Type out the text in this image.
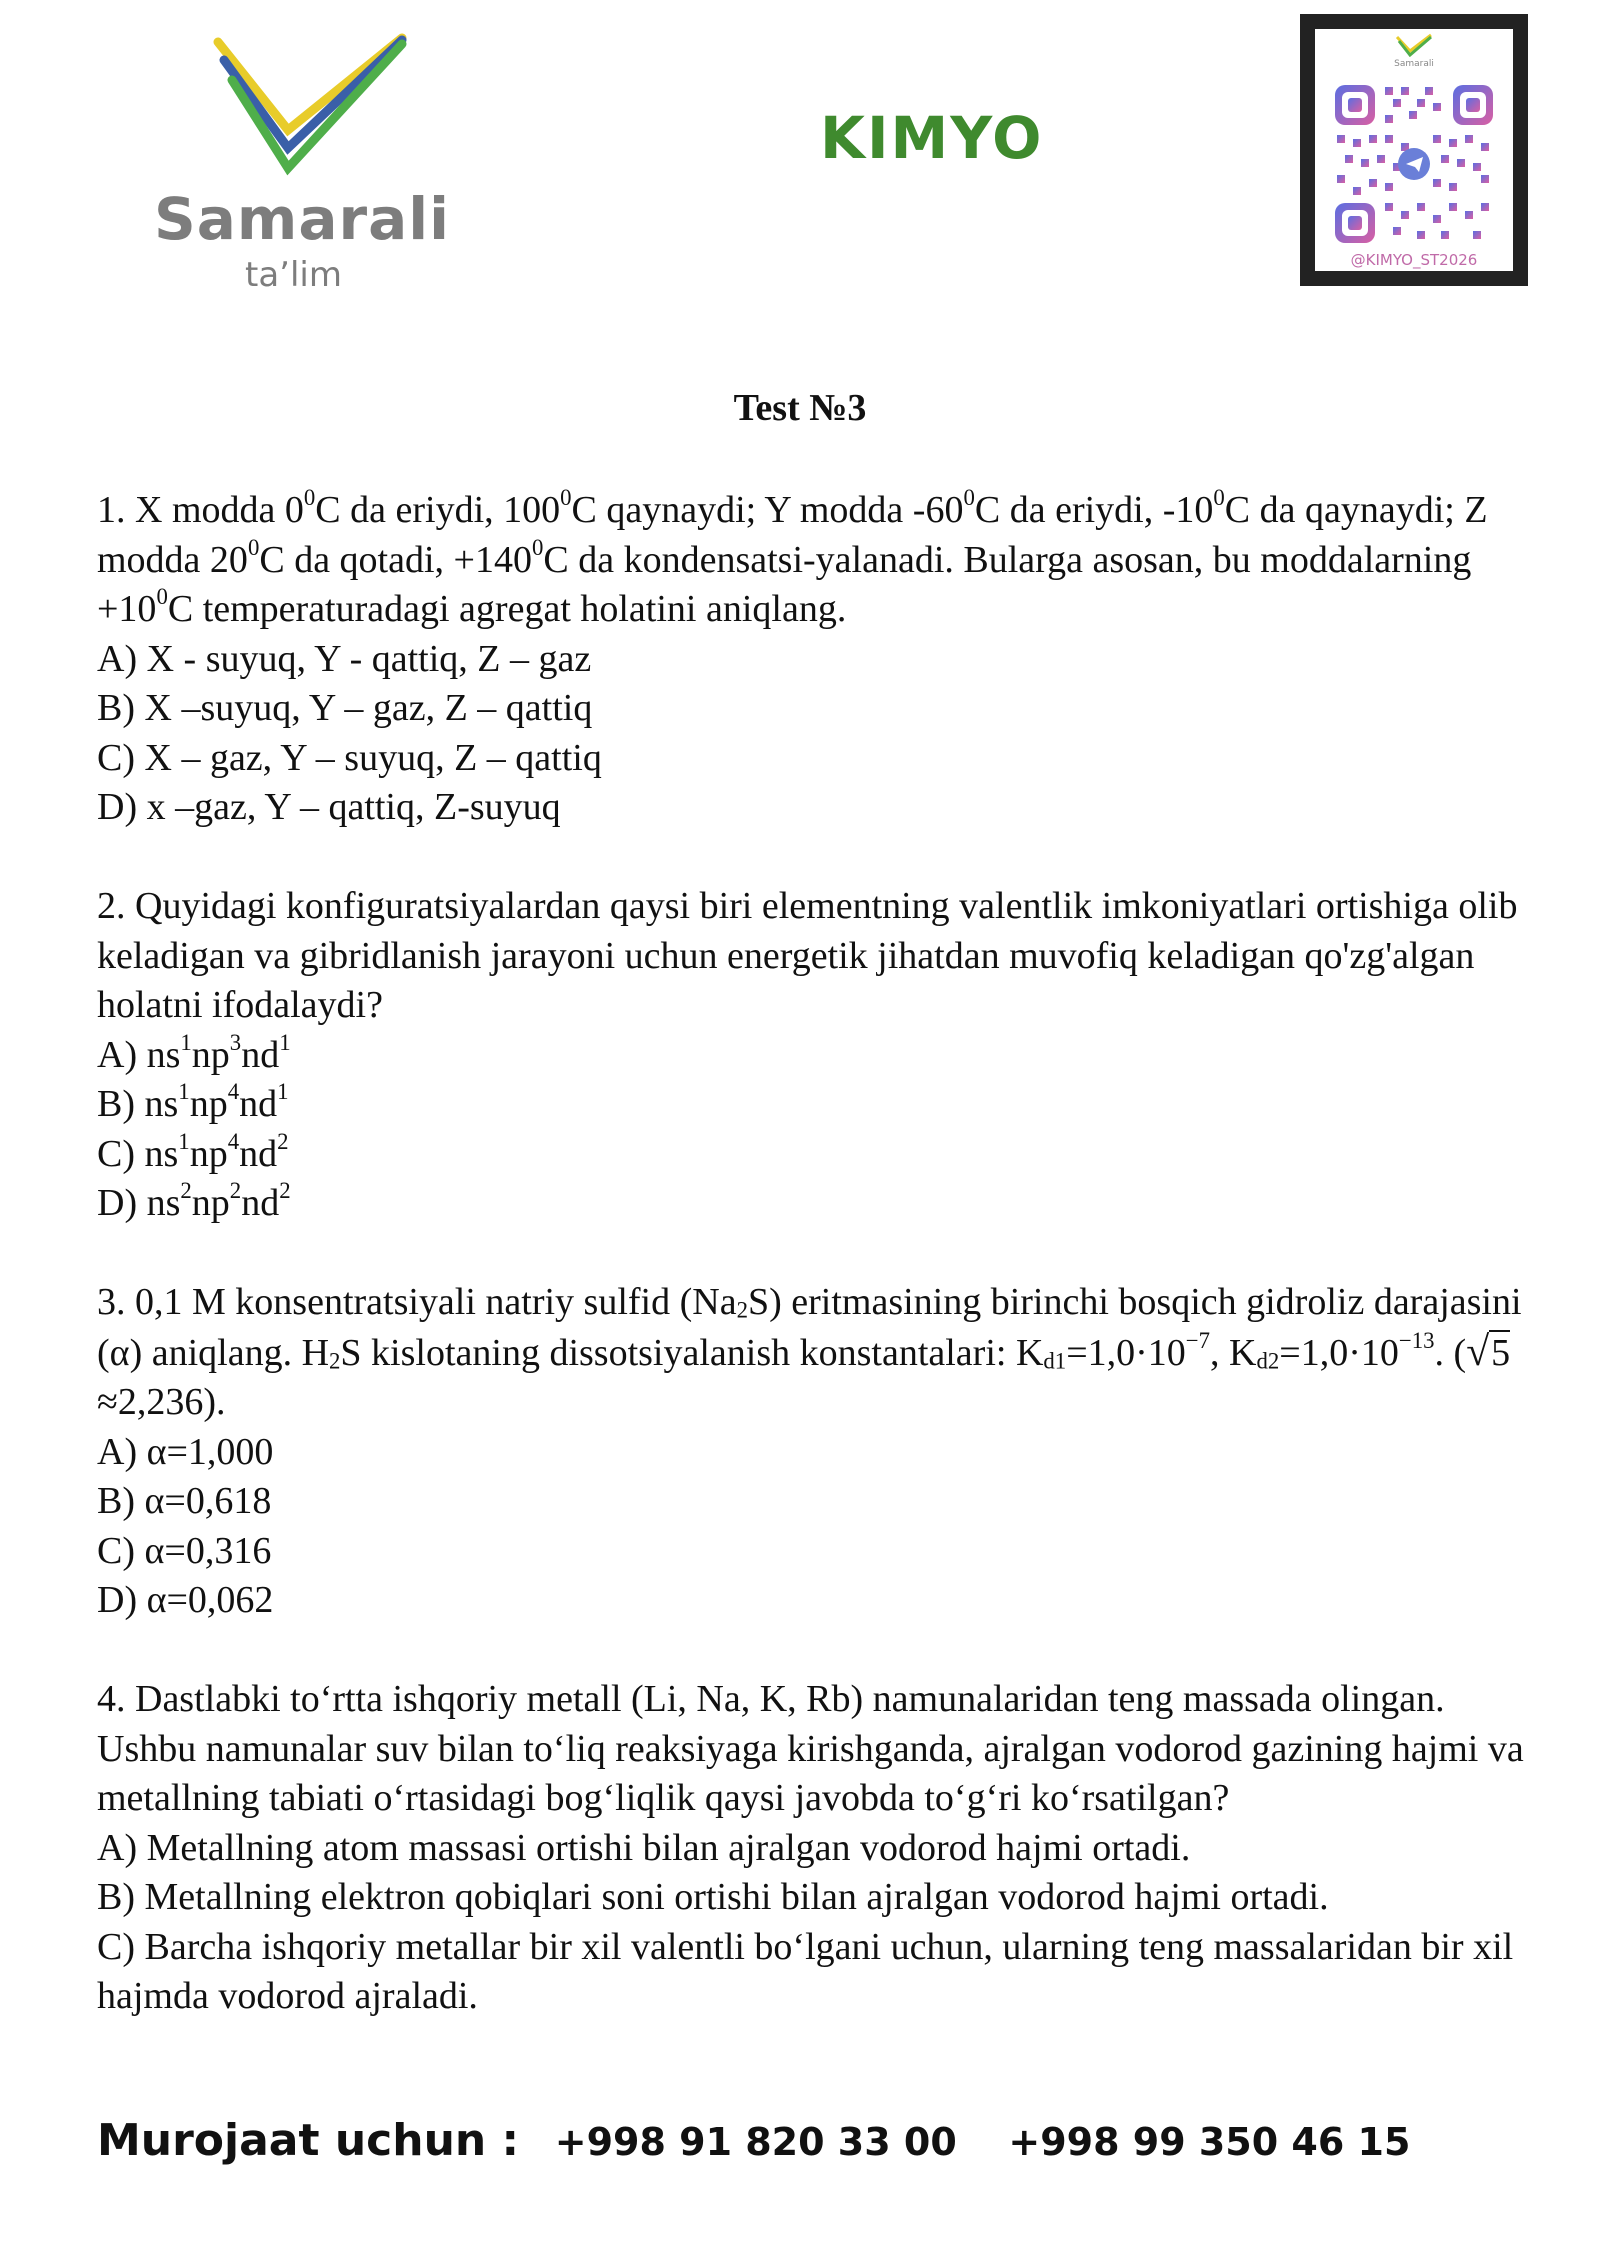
Samarali
ta’lim
KIMYO
Samarali
@KIMYO_ST2026
Test №3

1. X modda $0^0C$ da eriydi, $100^0C$ qaynaydi; Y modda $-60^0C$ da eriydi, $-10^0C$ da qaynaydi; Z modda $20^0C$ da qotadi, $+140^0C$ da kondensatsi-yalanadi. Bularga asosan, bu moddalarning $+10^0C$ temperaturadagi agregat holatini aniqlang.

A) X - suyuq, Y - qattiq, Z – gaz

B) X –suyuq, Y – gaz, Z – qattiq

C) X – gaz, Y – suyuq, Z – qattiq

D) x –gaz, Y – qattiq, Z-suyuq

2. Quyidagi konfiguratsiyalardan qaysi biri elementning valentlik imkoniyatlari ortishiga olib keladigan va gibridlanish jarayoni uchun energetik jihatdan muvofiq keladigan qo'zg'algan holatni ifodalaydi?

A) $ns^1np^3nd^1$

B) $ns^1np^4nd^1$

C) $ns^1np^4nd^2$

D) $ns^2np^2nd^2$

3. 0,1 M konsentratsiyali natriy sulfid $(Na_2S)$ eritmasining birinchi bosqich gidroliz darajasini (α) aniqlang. $H_2S$ kislotaning dissotsiyalanish konstantalari: $K_{d1}=1,0\cdot 10^{-7}$, $K_{d2}=1,0\cdot 10^{-13}$. (√5≈2,236).

A) α=1,000

B) α=0,618

C) α=0,316

D) α=0,062

4. Dastlabki to‘rtta ishqoriy metall (Li, Na, K, Rb) namunalaridan teng massada olingan. Ushbu namunalar suv bilan to‘liq reaksiyaga kirishganda, ajralgan vodorod gazining hajmi va metallning tabiati o‘rtasidagi bog‘liqlik qaysi javobda to‘g‘ri ko‘rsatilgan?

A) Metallning atom massasi ortishi bilan ajralgan vodorod hajmi ortadi.

B) Metallning elektron qobiqlari soni ortishi bilan ajralgan vodorod hajmi ortadi.

C) Barcha ishqoriy metallar bir xil valentli bo‘lgani uchun, ularning teng massalaridan bir xil hajmda vodorod ajraladi.

Murojaat uchun : +998 91 820 33 00 +998 99 350 46 15
